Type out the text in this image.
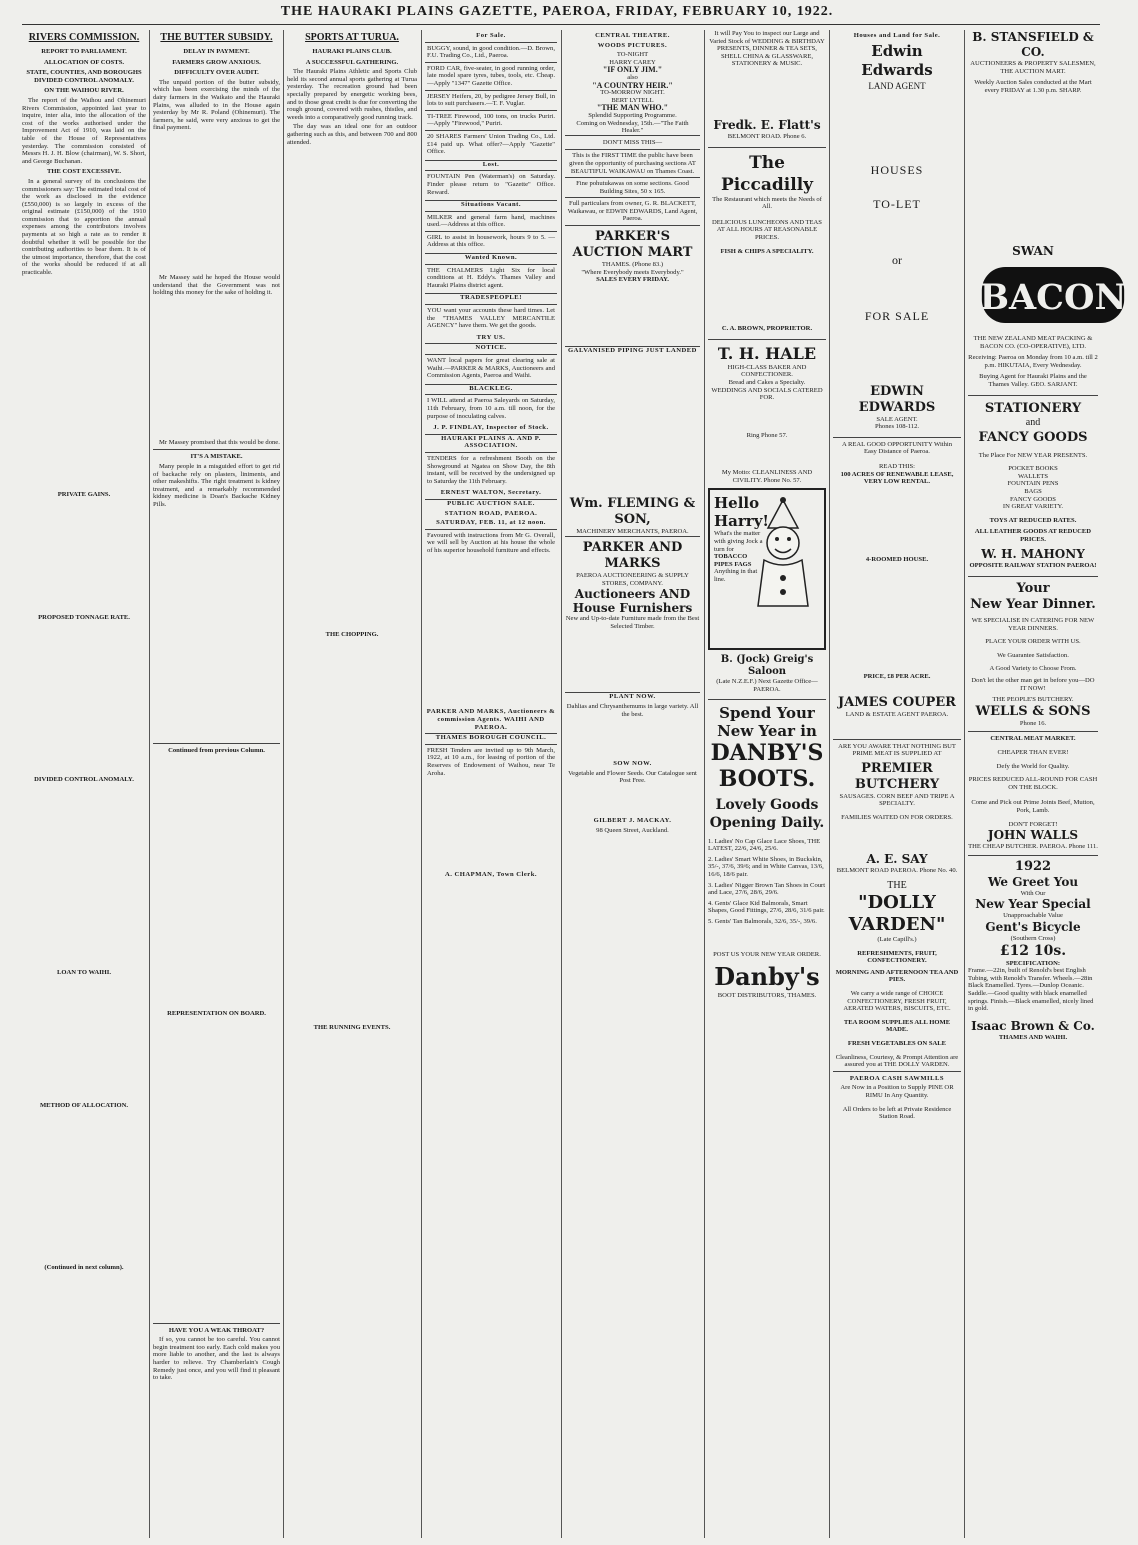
THE HAURAKI PLAINS GAZETTE, PAEROA, FRIDAY, FEBRUARY 10, 1922.
RIVERS COMMISSION.
REPORT TO PARLIAMENT.
ALLOCATION OF COSTS.
STATE, COUNTIES, AND BOROUGHS DIVIDED CONTROL ANOMALY.
ON THE WAIHOU RIVER.
The report of the Waihou and Ohinemuri Rivers Commission, appointed last year to inquire, inter alia, into the allocation of the cost of the works authorised under the Improvement Act of 1910, was laid on the table of the House of Representatives yesterday. The commission consisted of Messrs H. J. H. Blow (chairman), W. S. Short, and George Buchanan.
THE COST EXCESSIVE.
In a general survey of its conclusions the commissioners say: The estimated total cost of the work as disclosed in the evidence (£550,000) is so largely in excess of the original estimate (£150,000) of the 1910 commission that to apportion the annual expenses among the contributors involves payments at so high a rate as to render it doubtful whether it will be possible for the contributing authorities to bear them. It is of the utmost importance, therefore, that the cost of the works should be reduced if at all practicable.

PRIVATE GAINS.
PROPOSED TONNAGE RATE.
DIVIDED CONTROL ANOMALY.
LOAN TO WAIHI.
METHOD OF ALLOCATION.
(Continued in next column).
THE BUTTER SUBSIDY.
DELAY IN PAYMENT.
FARMERS GROW ANXIOUS.
DIFFICULTY OVER AUDIT.
The unpaid portion of the butter subsidy, which has been exercising the minds of the dairy farmers in the Waikato and the Hauraki Plains, was alluded to in the House again yesterday by Mr R. Poland (Ohinemuri). The farmers, he said, were very anxious to get the final payment.
Mr Massey said he hoped the House would understand that the Government was not holding this money for the sake of holding it.
Mr Massey promised that this would be done.
IT'S A MISTAKE.
Many people in a misguided effort to get rid of backache rely on plasters, liniments, and other makeshifts. The right treatment is kidney treatment, and a remarkably recommended kidney medicine is Doan's Backache Kidney Pills.
Continued from previous Column.
REPRESENTATION ON BOARD.
HAVE YOU A WEAK THROAT?
If so, you cannot be too careful. You cannot begin treatment too early. Each cold makes you more liable to another, and the last is always harder to relieve. Try Chamberlain's Cough Remedy just once, and you will find it pleasant to take.
SPORTS AT TURUA.
HAURAKI PLAINS CLUB.
A SUCCESSFUL GATHERING.
The Hauraki Plains Athletic and Sports Club held its second annual sports gathering at Turua yesterday. The recreation ground had been specially prepared by energetic working bees, and to those great credit is due for converting the rough ground, covered with rushes, thistles, and weeds into a comparatively good running track.
The day was an ideal one for an outdoor gathering such as this, and between 700 and 800 attended.
THE CHOPPING.
THE RUNNING EVENTS.
For Sale.
BUGGY, sound, in good condition.—D. Brown, F.U. Trading Co., Ltd., Paeroa.
FORD CAR, five-seater, in good running order, late model spare tyres, tubes, tools, etc. Cheap.—Apply "1347" Gazette Office.
JERSEY Heifers, 20, by pedigree Jersey Bull, in lots to suit purchasers.—T. F. Vuglar.
TI-TREE Firewood, 100 tons, on trucks Puriri.—Apply "Firewood," Puriri.
20 SHARES Farmers' Union Trading Co., Ltd. £14 paid up. What offer?—Apply "Gazette" Office.
Lost.
FOUNTAIN Pen (Waterman's) on Saturday. Finder please return to "Gazette" Office. Reward.
Situations Vacant.
MILKER and general farm hand, machines used.—Address at this office.
GIRL to assist in housework, hours 9 to 5. — Address at this office.
Wanted Known.
THE CHALMERS Light Six for local conditions at H. Eddy's. Thames Valley and Hauraki Plains district agent.
TRADESPEOPLE!
YOU want your accounts these hard times. Let the "THAMES VALLEY MERCANTILE AGENCY" have them. We get the goods.
TRY US.
NOTICE.
WANT local papers for great clearing sale at Waihi.—PARKER & MARKS, Auctioneers and Commission Agents, Paeroa and Waihi.
BLACKLEG.
I WILL attend at Paeroa Saleyards on Saturday, 11th February, from 10 a.m. till noon, for the purpose of inoculating calves.
J. P. FINDLAY, Inspector of Stock.
HAURAKI PLAINS A. AND P. ASSOCIATION.
TENDERS for a refreshment Booth on the Showground at Ngatea on Show Day, the 8th instant, will be received by the undersigned up to Saturday the 11th February.
ERNEST WALTON, Secretary.
PUBLIC AUCTION SALE.
STATION ROAD, PAEROA.
SATURDAY, FEB. 11, at 12 noon.
Favoured with instructions from Mr G. Overall, we will sell by Auction at his house the whole of his superior household furniture and effects.
PARKER AND MARKS, Auctioneers & commission Agents. WAIHI AND PAEROA.
THAMES BOROUGH COUNCIL.
FRESH Tenders are invited up to 9th March, 1922, at 10 a.m., for leasing of portion of the Reserves of Endowment of Waihou, near Te Aroha.
A. CHAPMAN, Town Clerk.
CENTRAL THEATRE.
WOODS PICTURES.
TO-NIGHT
HARRY CAREY
"IF ONLY JIM."
also
"A COUNTRY HEIR."
TO-MORROW NIGHT.
BERT LYTELL
"THE MAN WHO."
Splendid Supporting Programme.
Coming on Wednesday, 15th.—"The Faith Healer."
DON'T MISS THIS—
This is the FIRST TIME the public have been given the opportunity of purchasing sections AT BEAUTIFUL WAIKAWAU on Thames Coast.
Fine pohutukawas on some sections. Good Building Sites, 50 x 165.
Full particulars from owner, G. R. BLACKETT, Waikawau, or EDWIN EDWARDS, Land Agent, Paeroa.
PARKER'S AUCTION MART
THAMES. (Phone 83.)
"Where Everybody meets Everybody."
SALES EVERY FRIDAY.
GALVANISED PIPING JUST LANDED
Wm. FLEMING & SON,
MACHINERY MERCHANTS, PAEROA.
PARKER AND MARKS
PAEROA AUCTIONEERING & SUPPLY STORES, COMPANY.
Auctioneers AND House Furnishers
New and Up-to-date Furniture made from the Best Selected Timber.
PLANT NOW.
Dahlias and Chrysanthemums in large variety. All the best.
SOW NOW.
Vegetable and Flower Seeds. Our Catalogue sent Post Free.
GILBERT J. MACKAY.
98 Queen Street, Auckland.
It will Pay You to inspect our Large and Varied Stock of WEDDING & BIRTHDAY PRESENTS, DINNER & TEA SETS, SHELL CHINA & GLASSWARE, STATIONERY & MUSIC.
Fredk. E. Flatt's
BELMONT ROAD. Phone 6.
The Piccadilly
The Restaurant which meets the Needs of All.
DELICIOUS LUNCHEONS AND TEAS AT ALL HOURS AT REASONABLE PRICES.
FISH & CHIPS A SPECIALITY.
C. A. BROWN, PROPRIETOR.
T. H. HALE
HIGH-CLASS BAKER AND CONFECTIONER.
Bread and Cakes a Specialty.
WEDDINGS AND SOCIALS CATERED FOR.
Ring Phone 57.
My Motto: CLEANLINESS AND CIVILITY. Phone No. 57.
Hello Harry!
What's the matter with giving Jock a turn for
TOBACCO PIPES FAGS
Anything in that line.
B. (Jock) Greig's Saloon
(Late N.Z.E.F.) Next Gazette Office—PAEROA.
Spend Your New Year in
DANBY'S BOOTS.
Lovely Goods Opening Daily.
1. Ladies' No Cap Glace Lace Shoes, THE LATEST, 22/6, 24/6, 25/6.
2. Ladies' Smart White Shoes, in Buckskin, 35/-, 37/6, 39/6; and in White Canvas, 13/6, 16/6, 18/6 pair.
3. Ladies' Nigger Brown Tan Shoes in Court and Lace, 27/6, 28/6, 29/6.
4. Gents' Glace Kid Balmorals, Smart Shapes, Good Fittings, 27/6, 28/6, 31/6 pair.
5. Gents' Tan Balmorals, 32/6, 35/-, 39/6.
POST US YOUR NEW YEAR ORDER.
Danby's
BOOT DISTRIBUTORS, THAMES.
Houses and Land for Sale.
Edwin Edwards
LAND AGENT
HOUSES
TO-LET
or
FOR SALE
EDWIN EDWARDS
SALE AGENT.
Phones 108-112.
A REAL GOOD OPPORTUNITY Within Easy Distance of Paeroa.
READ THIS:
100 ACRES OF RENEWABLE LEASE, VERY LOW RENTAL.
4-ROOMED HOUSE.
PRICE, £8 PER ACRE.
JAMES COUPER
LAND & ESTATE AGENT PAEROA.
ARE YOU AWARE THAT NOTHING BUT PRIME MEAT IS SUPPLIED AT
PREMIER BUTCHERY
SAUSAGES. CORN BEEF AND TRIPE A SPECIALTY.
FAMILIES WAITED ON FOR ORDERS.
A. E. SAY
BELMONT ROAD PAEROA. Phone No. 40.
THE
"DOLLY VARDEN"
(Late Capill's.)
REFRESHMENTS, FRUIT, CONFECTIONERY.
MORNING AND AFTERNOON TEA AND PIES.
We carry a wide range of CHOICE CONFECTIONERY, FRESH FRUIT, AERATED WATERS, BISCUITS, ETC.
TEA ROOM SUPPLIES ALL HOME MADE.
FRESH VEGETABLES ON SALE
Cleanliness, Courtesy, & Prompt Attention are assured you at THE DOLLY VARDEN.
PAEROA CASH SAWMILLS
Are Now in a Position to Supply PINE OR RIMU In Any Quantity.
All Orders to be left at Private Residence Station Road.
B. STANSFIELD & CO.
AUCTIONEERS & PROPERTY SALESMEN, THE AUCTION MART.
Weekly Auction Sales conducted at the Mart every FRIDAY at 1.30 p.m. SHARP.
SWAN
BACON
THE NEW ZEALAND MEAT PACKING & BACON CO. (CO-OPERATIVE), LTD.
Receiving: Paeroa on Monday from 10 a.m. till 2 p.m. HIKUTAIA, Every Wednesday.
Buying Agent for Hauraki Plains and the Thames Valley. GEO. SARJANT.
STATIONERY
and
FANCY GOODS
The Place For NEW YEAR PRESENTS.
POCKET BOOKS
WALLETS
FOUNTAIN PENS
BAGS
FANCY GOODS
IN GREAT VARIETY.
TOYS AT REDUCED RATES.
ALL LEATHER GOODS AT REDUCED PRICES.
W. H. MAHONY
OPPOSITE RAILWAY STATION PAEROA!
Your
New Year Dinner.
WE SPECIALISE IN CATERING FOR NEW YEAR DINNERS.
PLACE YOUR ORDER WITH US.
We Guarantee Satisfaction.
A Good Variety to Choose From.
Don't let the other man get in before you—DO IT NOW!
THE PEOPLE'S BUTCHERY.
WELLS & SONS
Phone 16.
CENTRAL MEAT MARKET.
CHEAPER THAN EVER!
Defy the World for Quality.
PRICES REDUCED ALL-ROUND FOR CASH ON THE BLOCK.
Come and Pick out Prime Joints Beef, Mutton, Pork, Lamb.
DON'T FORGET!
JOHN WALLS
THE CHEAP BUTCHER. PAEROA. Phone 111.
1922
We Greet You
With Our
New Year Special
Unapproachable Value
Gent's Bicycle
(Southern Cross)
£12 10s.
SPECIFICATION:
Frame.—22in, built of Renold's best English Tubing, with Renold's Transfer. Wheels.—28in Black Enamelled. Tyres.—Dunlop Oceanic. Saddle.—Good quality with black enamelled springs. Finish.—Black enamelled, nicely lined in gold.
Isaac Brown & Co.
THAMES AND WAIHI.
